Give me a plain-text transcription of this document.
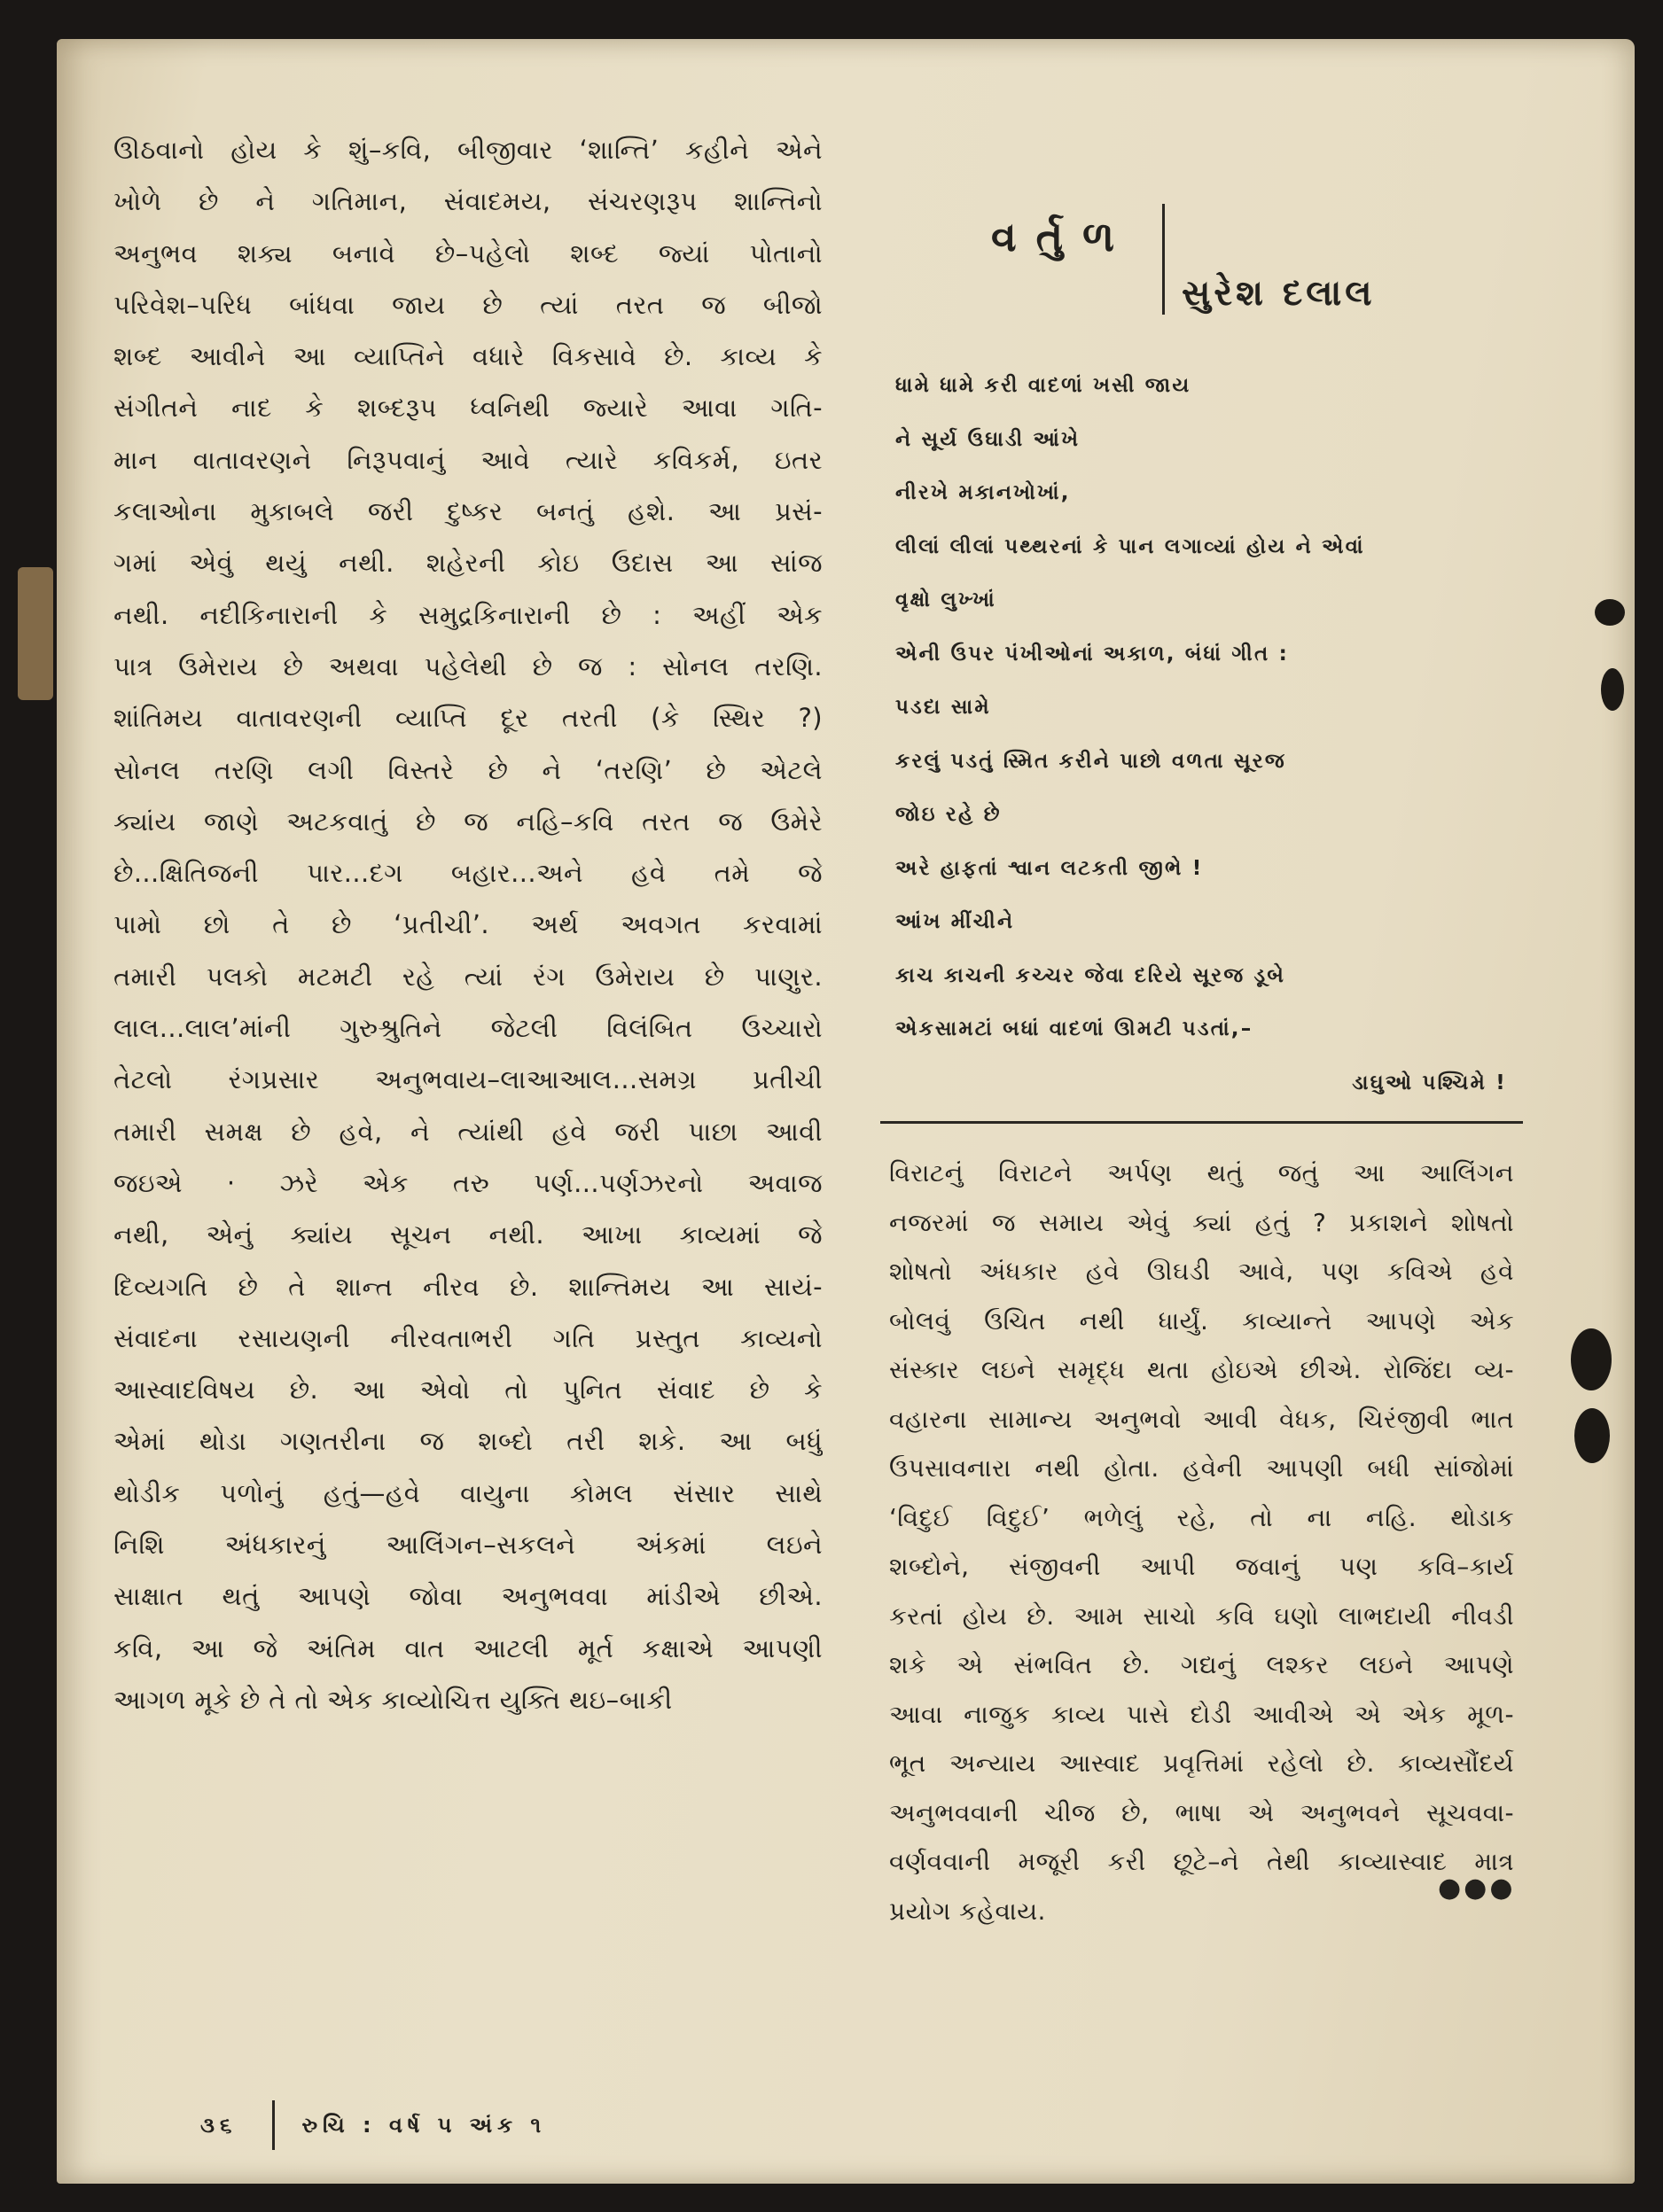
ઊઠવાનો હોય કે શું–કવિ, બીજીવાર ‘શાન્તિ’ કહીને એને
ખોળે છે ને ગતિમાન, સંવાદમય, સંચરણરૂપ શાન્તિનો
અનુભવ શક્ય બનાવે છે–પહેલો શબ્દ જ્યાં પોતાનો
પરિવેશ–પરિધ બાંધવા જાય છે ત્યાં તરત જ બીજો
શબ્દ આવીને આ વ્યાપ્તિને વધારે વિકસાવે છે. કાવ્ય કે
સંગીતને નાદ કે શબ્દરૂપ ધ્વનિથી જ્યારે આવા ગતિ-
માન વાતાવરણને નિરૂપવાનું આવે ત્યારે કવિકર્મ, ઇતર
કલાઓના મુકાબલે જરી દુષ્કર બનતું હશે. આ પ્રસં-
ગમાં એવું થયું નથી. શહેરની કોઇ ઉદાસ આ સાંજ
નથી. નદીકિનારાની કે સમુદ્રકિનારાની છે : અહીં એક
પાત્ર ઉમેરાય છે અથવા પહેલેથી છે જ : સોનલ તરણિ.
શાંતિમય વાતાવરણની વ્યાપ્તિ દૂર તરતી (કે સ્થિર ?)
સોનલ તરણિ લગી વિસ્તરે છે ને ‘તરણિ’ છે એટલે
ક્યાંય જાણે અટકવાતું છે જ નહિ–કવિ તરત જ ઉમેરે
છે...ક્ષિતિજની પાર...દગ બહાર...અને હવે તમે જે
પામો છો તે છે ‘પ્રતીચી’. અર્થ અવગત કરવામાં
તમારી પલકો મટમટી રહે ત્યાં રંગ ઉમેરાય છે પાણુર.
લાલ...લાલ’માંની ગુરુશ્રુતિને જેટલી વિલંબિત ઉચ્ચારો
તેટલો રંગપ્રસાર અનુભવાય–લાઆઆલ...સમગ્ર પ્રતીચી
તમારી સમક્ષ છે હવે, ને ત્યાંથી હવે જરી પાછા આવી
જઇએ · ઝરે એક તરુ પર્ણ...પર્ણઝરનો અવાજ
નથી, એનું ક્યાંય સૂચન નથી. આખા કાવ્યમાં જે
દિવ્યગતિ છે તે શાન્ત નીરવ છે. શાન્તિમય આ સાયં-
સંવાદના રસાયણની નીરવતાભરી ગતિ પ્રસ્તુત કાવ્યનો
આસ્વાદવિષય છે. આ એવો તો પુનિત સંવાદ છે કે
એમાં થોડા ગણતરીના જ શબ્દો તરી શકે. આ બધું
થોડીક પળોનું હતું—હવે વાયુના કોમલ સંસાર સાથે
નિશિ અંધકારનું આલિંગન–સકલને અંકમાં લઇને
સાક્ષાત થતું આપણે જોવા અનુભવવા માંડીએ છીએ.
કવિ, આ જે અંતિમ વાત આટલી મૂર્ત કક્ષાએ આપણી
આગળ મૂકે છે તે તો એક કાવ્યોચિત્ત યુક્તિ થઇ–બાકી
વર્તુળ
સુરેશ દલાલ
ધામે ધામે કરી વાદળાં ખસી જાય
ને સૂર્ય ઉઘાડી આંખે
નીરખે મકાનખોખાં,
લીલાં લીલાં પથ્થરનાં કે પાન લગાવ્યાં હોય ને એવાં
વૃક્ષો લુખ્ખાં
એની ઉપર પંખીઓનાં અકાળ, બંધાં ગીત :
પડદા સામે
કરલું પડતું સ્મિત કરીને પાછો વળતા સૂરજ
જોઇ રહે છે
અરે હાફતાં શ્વાન લટકતી જીભે !
આંખ મીંચીને
કાચ કાચની કચ્ચર જેવા દરિયે સૂરજ ડૂબે
એકસામટાં બધાં વાદળાં ઊમટી પડતાં,–
ડાઘુઓ પશ્ચિમે !
વિરાટનું વિરાટને અર્પણ થતું જતું આ આલિંગન
નજરમાં જ સમાય એવું ક્યાં હતું ? પ્રકાશને શોષતો
શોષતો અંધકાર હવે ઊઘડી આવે, પણ કવિએ હવે
બોલવું ઉચિત નથી ધાર્યું. કાવ્યાન્તે આપણે એક
સંસ્કાર લઇને સમૃદ્ધ થતા હોઇએ છીએ. રોજિંદા વ્ય-
વહારના સામાન્ય અનુભવો આવી વેધક, ચિરંજીવી ભાત
ઉપસાવનારા નથી હોતા. હવેની આપણી બધી સાંજોમાં
‘વિદુઈ વિદુઈ’ ભળેલું રહે, તો ના નહિ. થોડાક
શબ્દોને, સંજીવની આપી જવાનું પણ કવિ–કાર્ય
કરતાં હોય છે. આમ સાચો કવિ ઘણો લાભદાયી નીવડી
શકે એ સંભવિત છે. ગદ્યનું લશ્કર લઇને આપણે
આવા નાજુક કાવ્ય પાસે દોડી આવીએ એ એક મૂળ-
ભૂત અન્યાય આસ્વાદ પ્રવૃત્તિમાં રહેલો છે. કાવ્યસૌંદર્ય
અનુભવવાની ચીજ છે, ભાષા એ અનુભવને સૂચવવા-
વર્ણવવાની મજૂરી કરી છૂટે–ને તેથી કાવ્યાસ્વાદ માત્ર
પ્રયોગ કહેવાય.
●●●
૩૬	રુચિ : વર્ષ ૫ અંક ૧
